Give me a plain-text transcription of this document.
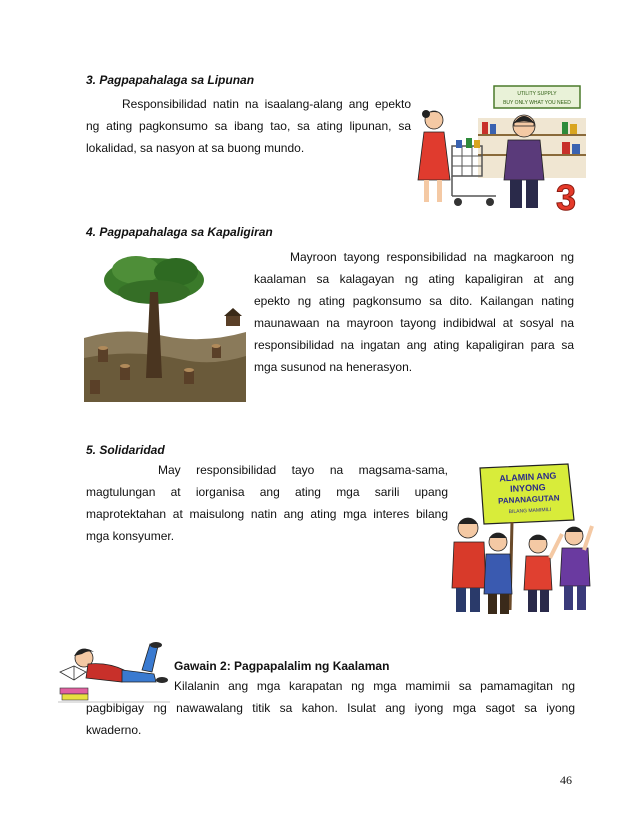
3. Pagpapahalaga sa Lipunan
Responsibilidad natin na isaalang-alang ang epekto
ng ating pagkonsumo sa ibang tao, sa ating lipunan, sa
lokalidad, sa nasyon at sa buong mundo.
UTILITY SUPPLY
BUY ONLY WHAT YOU NEED
3
4. Pagpapahalaga sa Kapaligiran
Mayroon tayong responsibilidad na magkaroon ng
kaalaman sa kalagayan ng ating kapaligiran at ang
epekto ng ating pagkonsumo sa dito. Kailangan nating
maunawaan na mayroon tayong indibidwal at sosyal na
responsibilidad na ingatan ang ating kapaligiran para sa
mga susunod na henerasyon.
5. Solidaridad
May responsibilidad tayo na magsama-sama,
magtulungan at iorganisa ang ating mga sarili upang
maprotektahan at maisulong natin ang ating mga interes bilang
mga konsyumer.
ALAMIN ANG
INYONG
PANANAGUTAN
BILANG MAMIMILI
Gawain 2: Pagpapalalim ng Kaalaman
Kilalanin ang mga karapatan ng mga mamimii sa pamamagitan ng
pagbibigay ng nawawalang titik sa kahon. Isulat ang iyong mga sagot sa iyong
kwaderno.
46
